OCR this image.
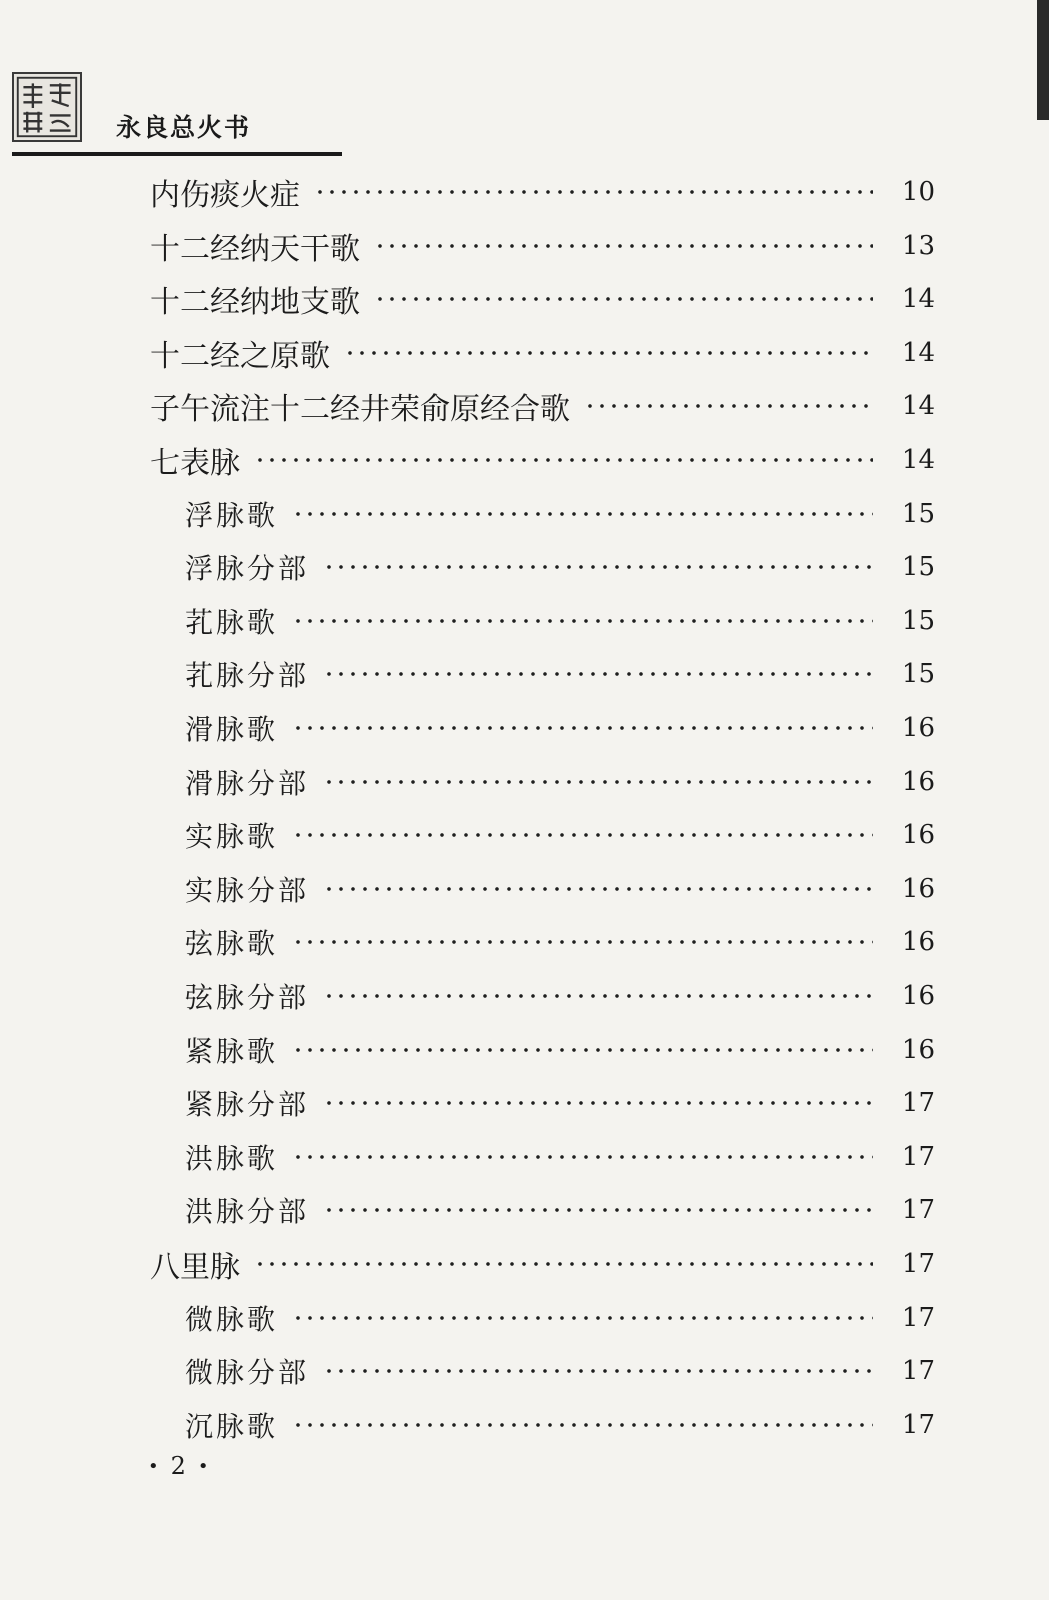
永良总火书
内伤痰火症	10
十二经纳天干歌	13
十二经纳地支歌	14
十二经之原歌	14
子午流注十二经井荣俞原经合歌	14
七表脉	14
浮脉歌	15
浮脉分部	15
芤脉歌	15
芤脉分部	15
滑脉歌	16
滑脉分部	16
实脉歌	16
实脉分部	16
弦脉歌	16
弦脉分部	16
紧脉歌	16
紧脉分部	17
洪脉歌	17
洪脉分部	17
八里脉	17
微脉歌	17
微脉分部	17
沉脉歌	17
• 2 •
